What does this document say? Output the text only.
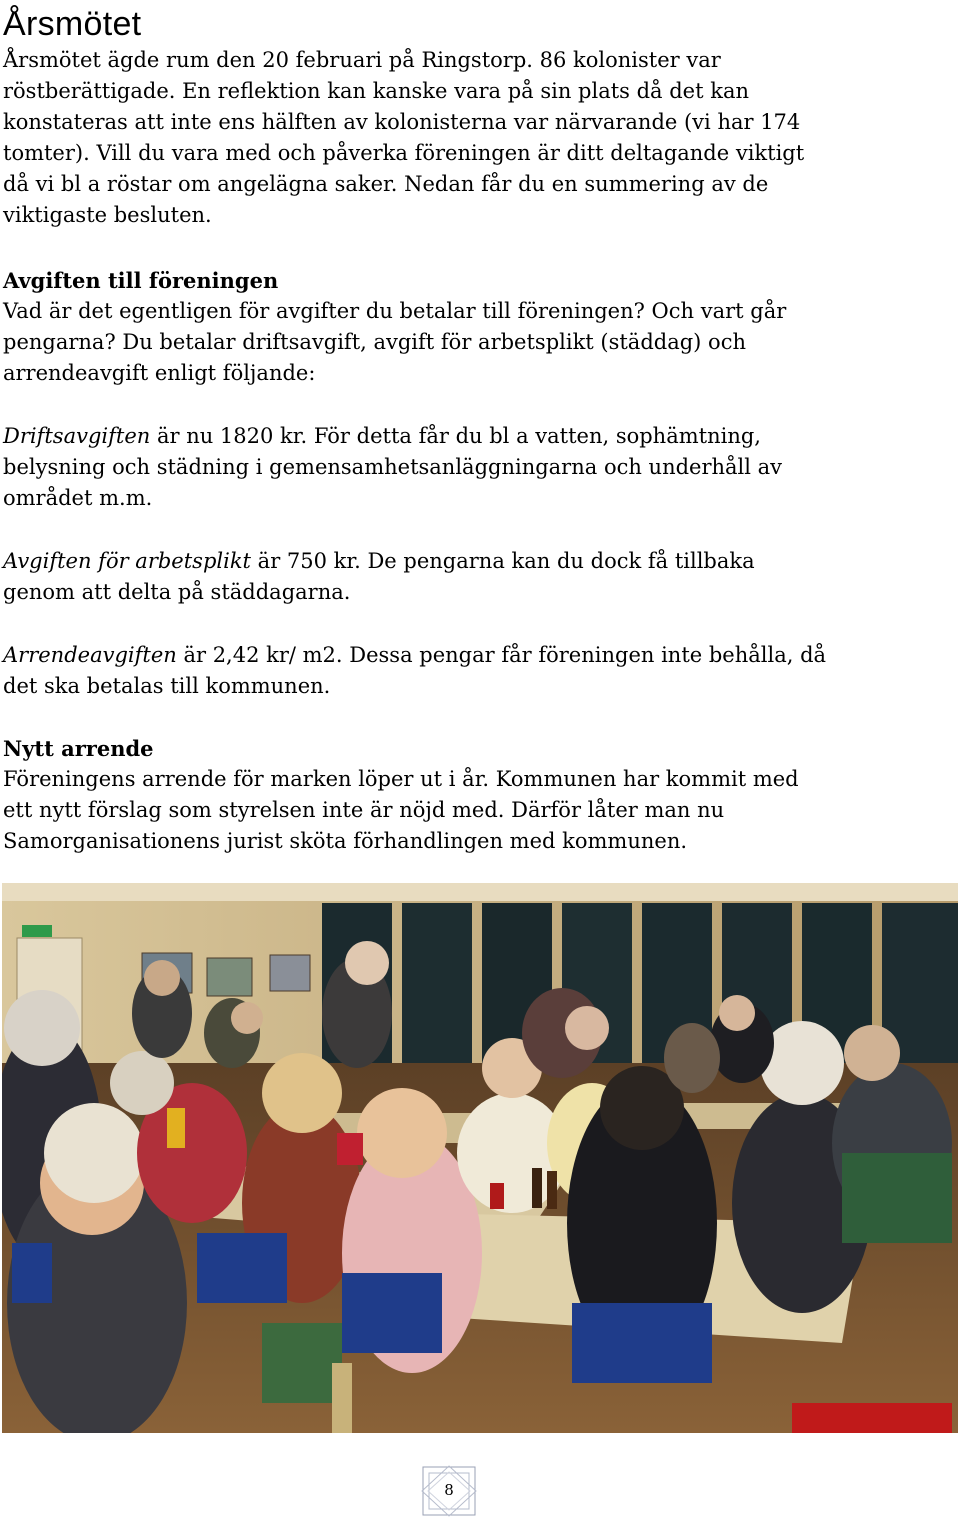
Årsmötet

Årsmötet ägde rum den 20 februari på Ringstorp. 86 kolonister var
röstberättigade. En reflektion kan kanske vara på sin plats då det kan
konstateras att inte ens hälften av kolonisterna var närvarande (vi har 174
tomter). Vill du vara med och påverka föreningen är ditt deltagande viktigt
då vi bl a röstar om angelägna saker. Nedan får du en summering av de
viktigaste besluten.

Avgiften till föreningen

Vad är det egentligen för avgifter du betalar till föreningen? Och vart går
pengarna? Du betalar driftsavgift, avgift för arbetsplikt (städdag) och
arrendeavgift enligt följande:

Driftsavgiften är nu 1820 kr. För detta får du bl a vatten, sophämtning,
belysning och städning i gemensamhetsanläggningarna och underhåll av
området m.m.

Avgiften för arbetsplikt är 750 kr. De pengarna kan du dock få tillbaka
genom att delta på städdagarna.

Arrendeavgiften är 2,42 kr/ m2. Dessa pengar får föreningen inte behålla, då
det ska betalas till kommunen.

Nytt arrende

Föreningens arrende för marken löper ut i år. Kommunen har kommit med
ett nytt förslag som styrelsen inte är nöjd med. Därför låter man nu
Samorganisationens jurist sköta förhandlingen med kommunen.

8
